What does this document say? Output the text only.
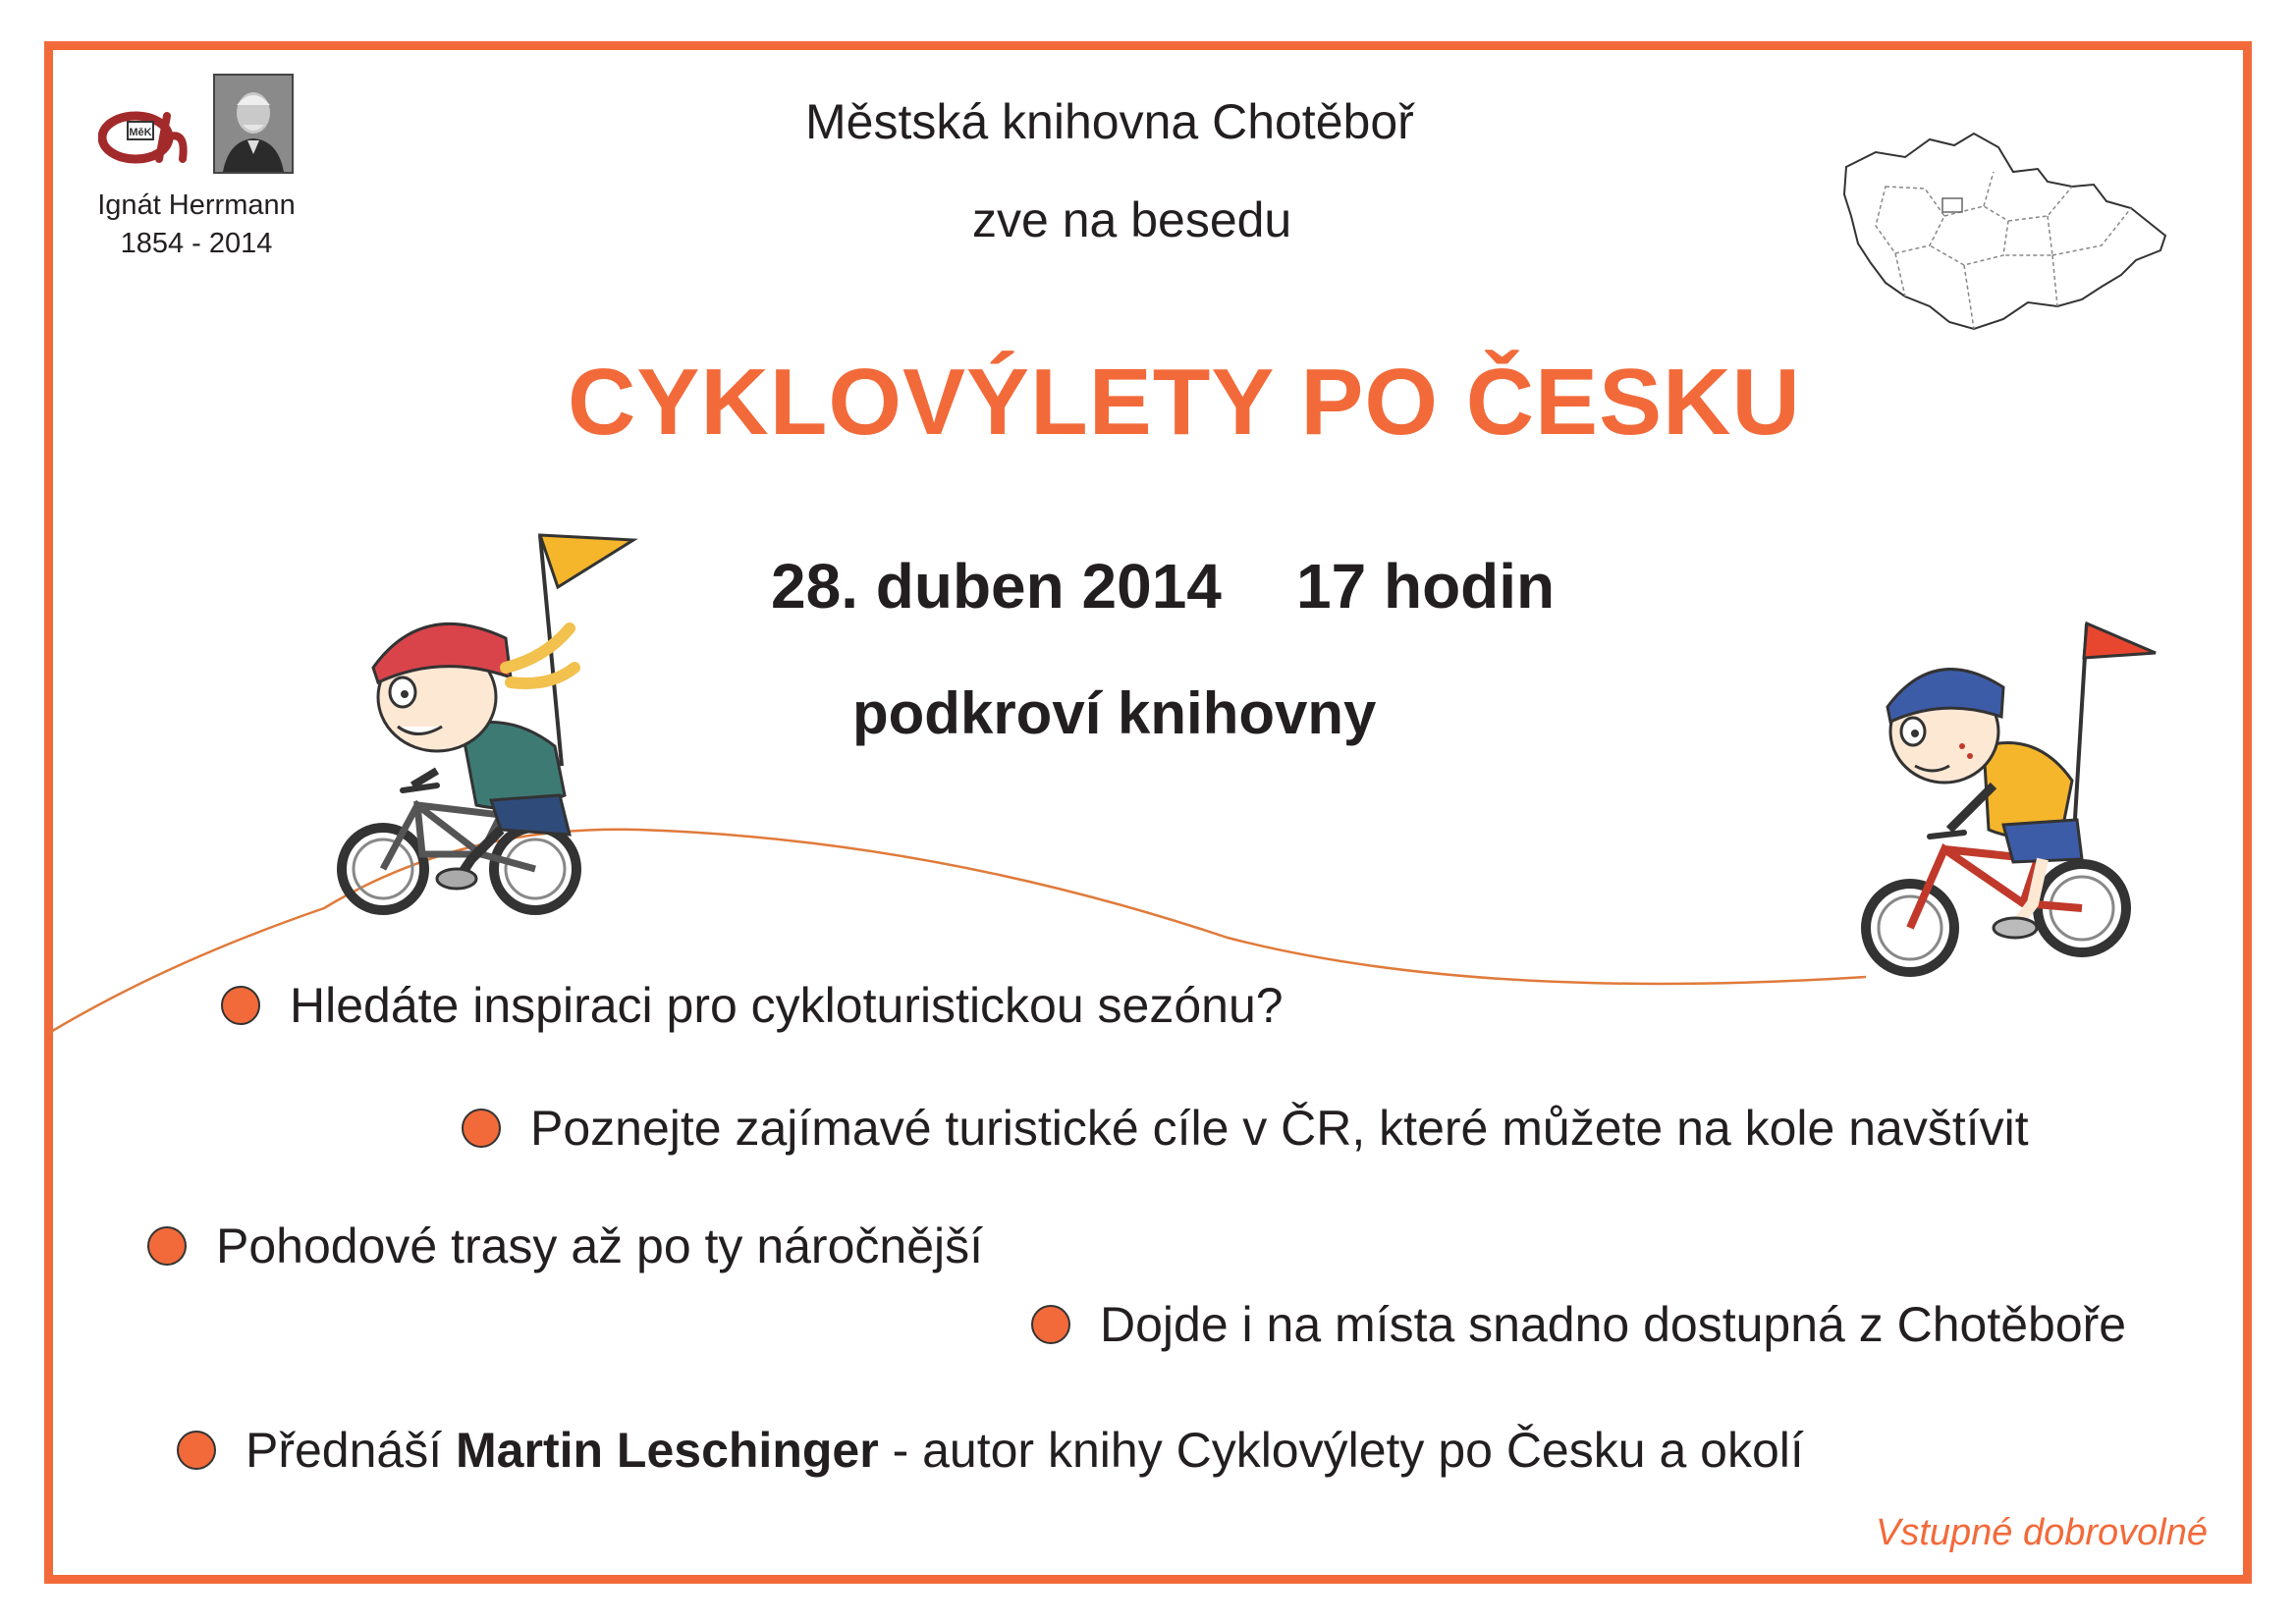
MěK
Ignát Herrmann
1854 - 2014
Městská knihovna Chotěboř
zve na besedu
CYKLOVÝLETY PO ČESKU
28. duben 2014 17 hodin
podkroví knihovny
Hledáte inspiraci pro cykloturistickou sezónu?
Poznejte zajímavé turistické cíle v ČR, které můžete na kole navštívit
Pohodové trasy až po ty náročnější
Dojde i na místa snadno dostupná z Chotěboře
Přednáší
Martin Leschinger
- autor knihy Cyklovýlety po Česku a okolí
Vstupné dobrovolné
